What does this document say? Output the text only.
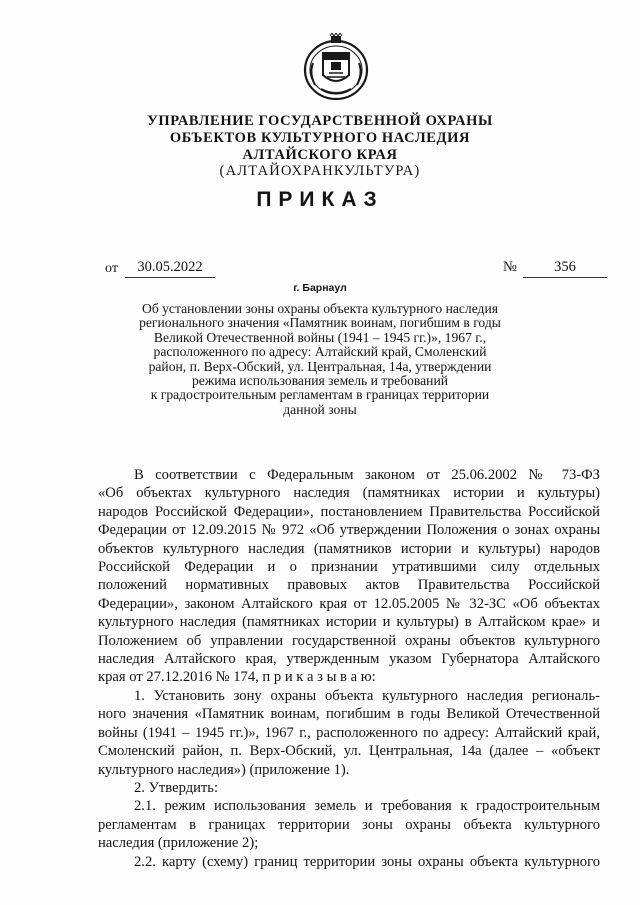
УПРАВЛЕНИЕ ГОСУДАРСТВЕННОЙ ОХРАНЫ
ОБЪЕКТОВ КУЛЬТУРНОГО НАСЛЕДИЯ
АЛТАЙСКОГО КРАЯ
(АЛТАЙОХРАНКУЛЬТУРА)
ПРИКАЗ
от	30.05.2022	№	356
г. Барнаул
Об установлении зоны охраны объекта культурного наследия
регионального значения «Памятник воинам, погибшим в годы
Великой Отечественной войны (1941 – 1945 гг.)», 1967 г.,
расположенного по адресу: Алтайский край, Смоленский
район, п. Верх-Обский, ул. Центральная, 14а, утверждении
режима использования земель и требований
к градостроительным регламентам в границах территории
данной зоны
В соответствии с Федеральным законом от 25.06.2002 № 73-ФЗ
«Об объектах культурного наследия (памятниках истории и культуры)
народов Российской Федерации», постановлением Правительства Российской
Федерации от 12.09.2015 № 972 «Об утверждении Положения о зонах охраны
объектов культурного наследия (памятников истории и культуры) народов
Российской Федерации и о признании утратившими силу отдельных
положений нормативных правовых актов Правительства Российской
Федерации», законом Алтайского края от 12.05.2005 № 32-ЗС «Об объектах
культурного наследия (памятниках истории и культуры) в Алтайском крае» и
Положением об управлении государственной охраны объектов культурного
наследия Алтайского края, утвержденным указом Губернатора Алтайского
края от 27.12.2016 № 174, п р и к а з ы в а ю:
1. Установить зону охраны объекта культурного наследия региональ-
ного значения «Памятник воинам, погибшим в годы Великой Отечественной
войны (1941 – 1945 гг.)», 1967 г., расположенного по адресу: Алтайский край,
Смоленский район, п. Верх-Обский, ул. Центральная, 14а (далее – «объект
культурного наследия») (приложение 1).
2. Утвердить:
2.1. режим использования земель и требования к градостроительным
регламентам в границах территории зоны охраны объекта культурного
наследия (приложение 2);
2.2. карту (схему) границ территории зоны охраны объекта культурного
